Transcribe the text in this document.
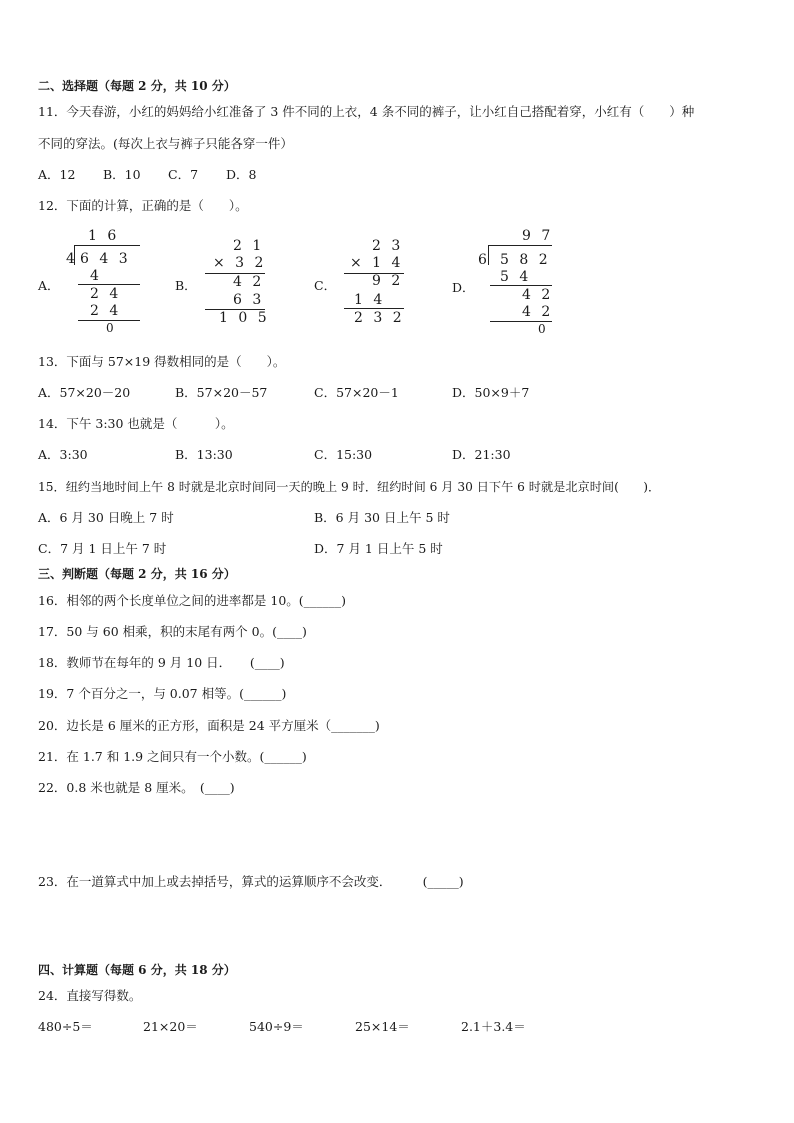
二、选择题（每题 2 分，共 10 分）
11．今天春游，小红的妈妈给小红准备了 3 件不同的上衣，4 条不同的裤子，让小红自己搭配着穿，小红有（　　）种
不同的穿法。(每次上衣与裤子只能各穿一件）
A．12 B．10 C．7 D．8
12．下面的计算，正确的是（　　）。
A．
1 6
4 6 4 3
4
2 4
2 4
0
B．
2 1
× 3 2
4 2
6 3
1 0 5
C．
2 3
× 1 4
9 2
1 4
2 3 2
D．
9 7
6 5 8 2
5 4
4 2
4 2
0
13．下面与 57×19 得数相同的是（　　）。
A．57×20－20	B．57×20－57	C．57×20－1	D．50×9＋7
14．下午 3:30 也就是（　　　）。
A．3:30	B．13:30	C．15:30	D．21:30
15．纽约当地时间上午 8 时就是北京时间同一天的晚上 9 时．纽约时间 6 月 30 日下午 6 时就是北京时间(　　)．
A．6 月 30 日晚上 7 时	B．6 月 30 日上午 5 时
C．7 月 1 日上午 7 时	D．7 月 1 日上午 5 时
三、判断题（每题 2 分，共 16 分）
16．相邻的两个长度单位之间的进率都是 10。(______)
17．50 与 60 相乘，积的末尾有两个 0。(____)
18．教师节在每年的 9 月 10 日．　　(____)
19．7 个百分之一，与 0.07 相等。(______)
20．边长是 6 厘米的正方形，面积是 24 平方厘米（_______)
21．在 1.7 和 1.9 之间只有一个小数。(______)
22．0.8 米也就是 8 厘米。　(____)
23．在一道算式中加上或去掉括号，算式的运算顺序不会改变．　　　(_____)
四、计算题（每题 6 分，共 18 分）
24．直接写得数。
480÷5＝	21×20＝	540÷9＝	25×14＝	2.1＋3.4＝
